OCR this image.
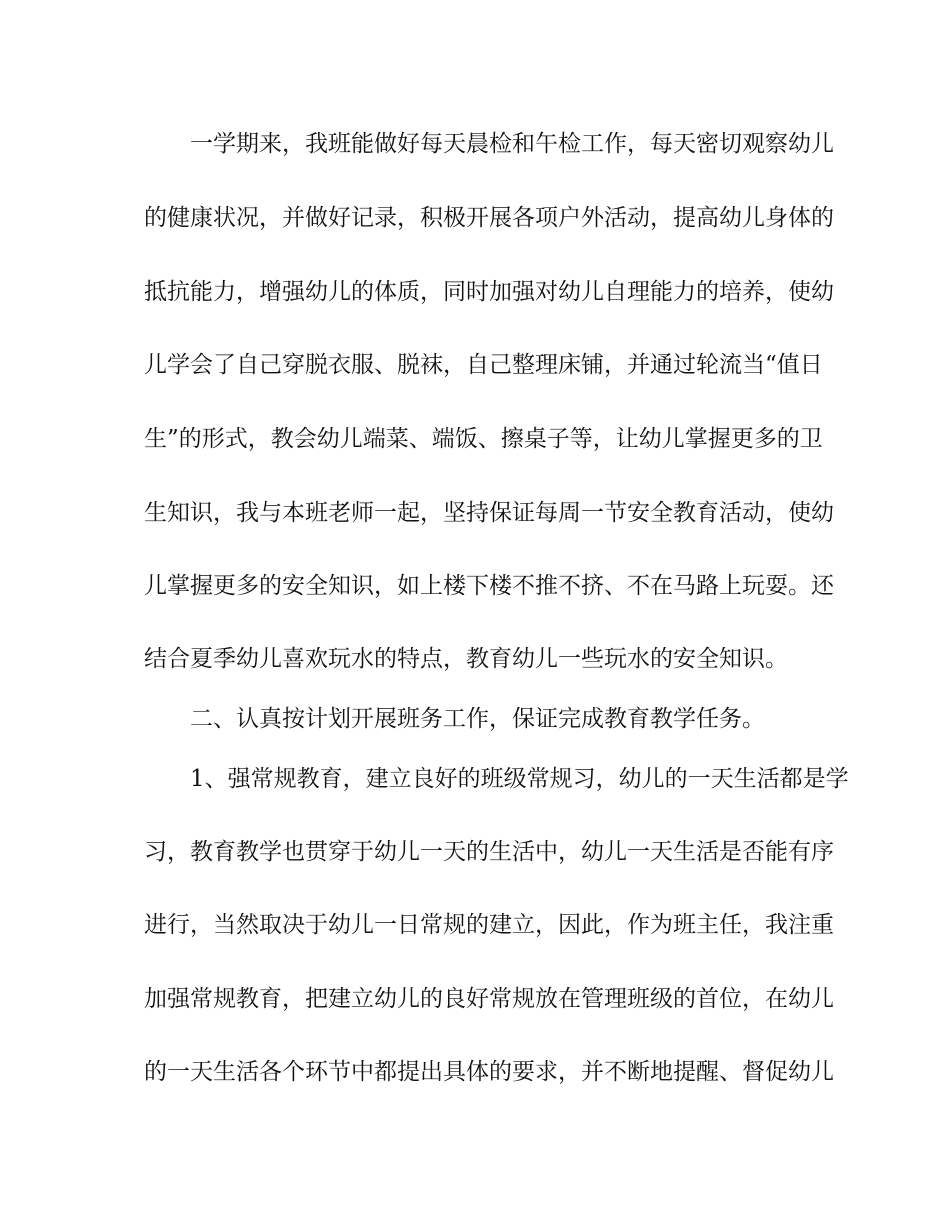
一学期来，我班能做好每天晨检和午检工作，每天密切观察幼儿
的健康状况，并做好记录，积极开展各项户外活动，提高幼儿身体的
抵抗能力，增强幼儿的体质，同时加强对幼儿自理能力的培养，使幼
儿学会了自己穿脱衣服、脱袜，自己整理床铺，并通过轮流当“值日
生”的形式，教会幼儿端菜、端饭、擦桌子等，让幼儿掌握更多的卫
生知识，我与本班老师一起，坚持保证每周一节安全教育活动，使幼
儿掌握更多的安全知识，如上楼下楼不推不挤、不在马路上玩耍。还
结合夏季幼儿喜欢玩水的特点，教育幼儿一些玩水的安全知识。
二、认真按计划开展班务工作，保证完成教育教学任务。
1、强常规教育，建立良好的班级常规习，幼儿的一天生活都是学
习，教育教学也贯穿于幼儿一天的生活中，幼儿一天生活是否能有序
进行，当然取决于幼儿一日常规的建立，因此，作为班主任，我注重
加强常规教育，把建立幼儿的良好常规放在管理班级的首位，在幼儿
的一天生活各个环节中都提出具体的要求，并不断地提醒、督促幼儿
